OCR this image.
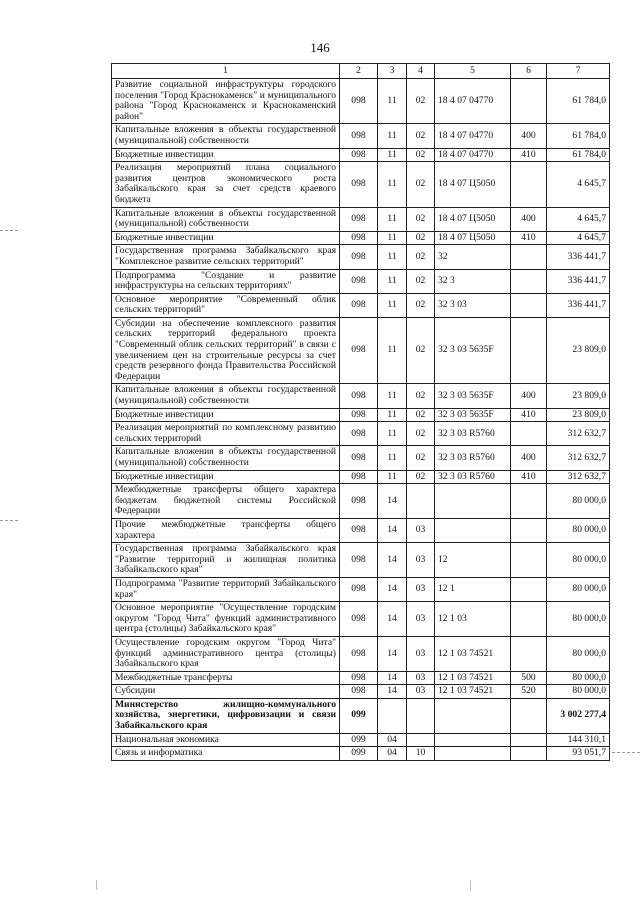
146
1	2	3	4	5	6	7
Развитие социальной инфраструктуры городского поселения "Город Краснокаменск" и муниципального района "Город Краснокаменск и Краснокаменский район"	098	11	02	18 4 07 04770		61 784,0
Капитальные вложения в объекты государственной (муниципальной) собственности	098	11	02	18 4 07 04770	400	61 784,0
Бюджетные инвестиции	098	11	02	18 4 07 04770	410	61 784,0
Реализация мероприятий плана социального развития центров экономического роста Забайкальского края за счет средств краевого бюджета	098	11	02	18 4 07 Ц5050		4 645,7
Капитальные вложения в объекты государственной (муниципальной) собственности	098	11	02	18 4 07 Ц5050	400	4 645,7
Бюджетные инвестиции	098	11	02	18 4 07 Ц5050	410	4 645,7
Государственная программа Забайкальского края "Комплексное развитие сельских территорий"	098	11	02	32		336 441,7
Подпрограмма "Создание и развитие инфраструктуры на сельских территориях"	098	11	02	32 3		336 441,7
Основное мероприятие "Современный облик сельских территорий"	098	11	02	32 3 03		336 441,7
Субсидии на обеспечение комплексного развития сельских территорий федерального проекта "Современный облик сельских территорий" в связи с увеличением цен на строительные ресурсы за счет средств резервного фонда Правительства Российской Федерации	098	11	02	32 3 03 5635F		23 809,0
Капитальные вложения в объекты государственной (муниципальной) собственности	098	11	02	32 3 03 5635F	400	23 809,0
Бюджетные инвестиции	098	11	02	32 3 03 5635F	410	23 809,0
Реализация мероприятий по комплексному развитию сельских территорий	098	11	02	32 3 03 R5760		312 632,7
Капитальные вложения в объекты государственной (муниципальной) собственности	098	11	02	32 3 03 R5760	400	312 632,7
Бюджетные инвестиции	098	11	02	32 3 03 R5760	410	312 632,7
Межбюджетные трансферты общего характера бюджетам бюджетной системы Российской Федерации	098	14				80 000,0
Прочие межбюджетные трансферты общего характера	098	14	03			80 000,0
Государственная программа Забайкальского края "Развитие территорий и жилищная политика Забайкальского края"	098	14	03	12		80 000,0
Подпрограмма "Развитие территорий Забайкальского края"	098	14	03	12 1		80 000,0
Основное мероприятие "Осуществление городским округом "Город Чита" функций административного центра (столицы) Забайкальского края"	098	14	03	12 1 03		80 000,0
Осуществление городским округом "Город Чита" функций административного центра (столицы) Забайкальского края	098	14	03	12 1 03 74521		80 000,0
Межбюджетные трансферты	098	14	03	12 1 03 74521	500	80 000,0
Субсидии	098	14	03	12 1 03 74521	520	80 000,0
Министерство жилищно-коммунального хозяйства, энергетики, цифровизации и связи Забайкальского края	099					3 002 277,4
Национальная экономика	099	04				144 310,1
Связь и информатика	099	04	10			93 051,7
